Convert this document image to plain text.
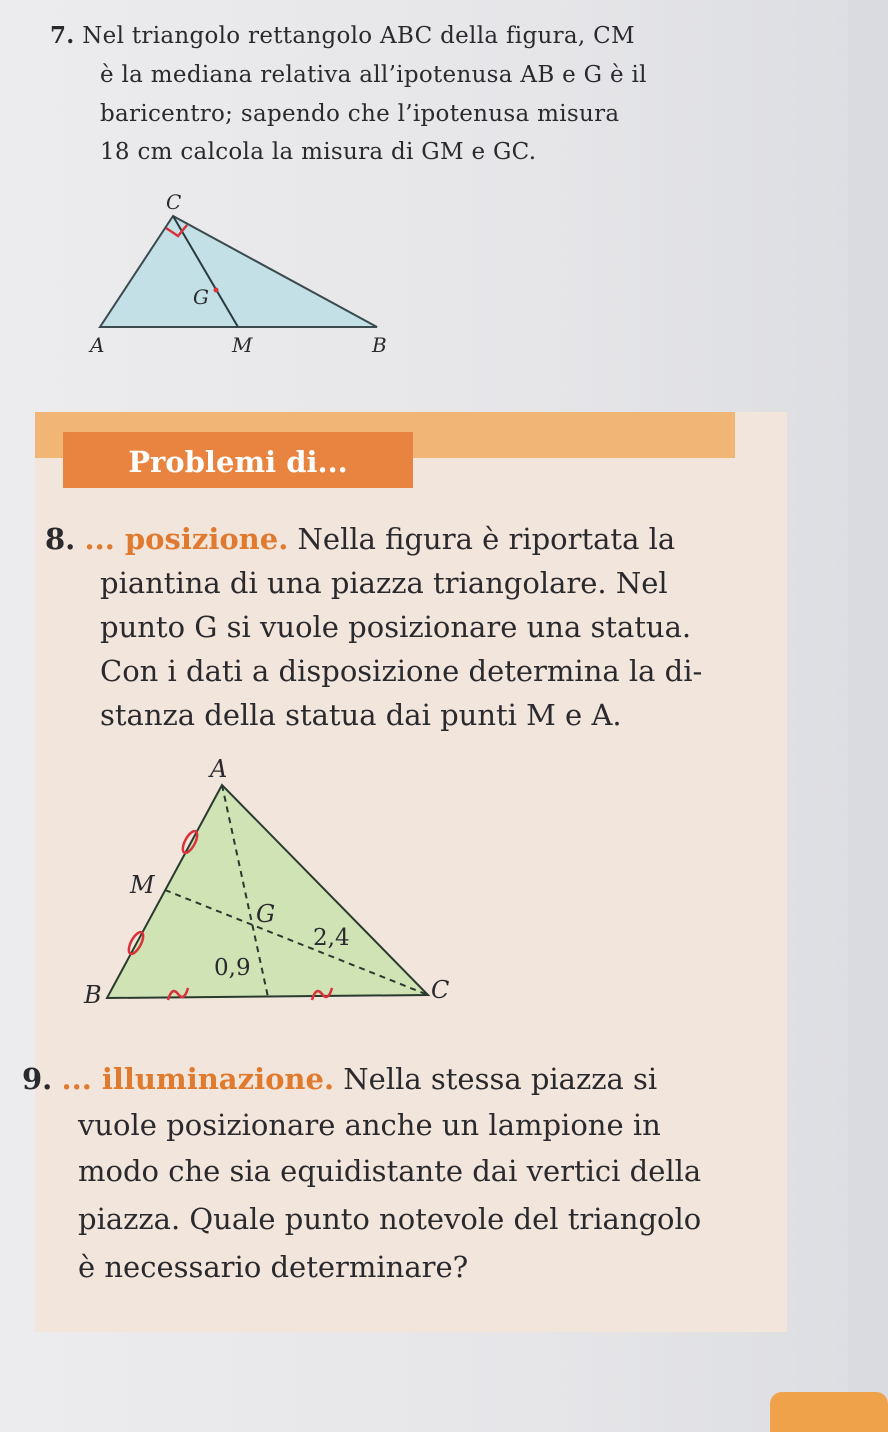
7. Nel triangolo rettangolo ABC della figura, CM
è la mediana relativa all’ipotenusa AB e G è il
baricentro; sapendo che l’ipotenusa misura
18 cm calcola la misura di GM e GC.
C
G
A	M	B
Problemi di...
8. ... posizione. Nella figura è riportata la
piantina di una piazza triangolare. Nel
punto G si vuole posizionare una statua.
Con i dati a disposizione determina la di-
stanza della statua dai punti M e A.
A
M
G
B	C
2,4
0,9
9. ... illuminazione. Nella stessa piazza si
vuole posizionare anche un lampione in
modo che sia equidistante dai vertici della
piazza. Quale punto notevole del triangolo
è necessario determinare?
